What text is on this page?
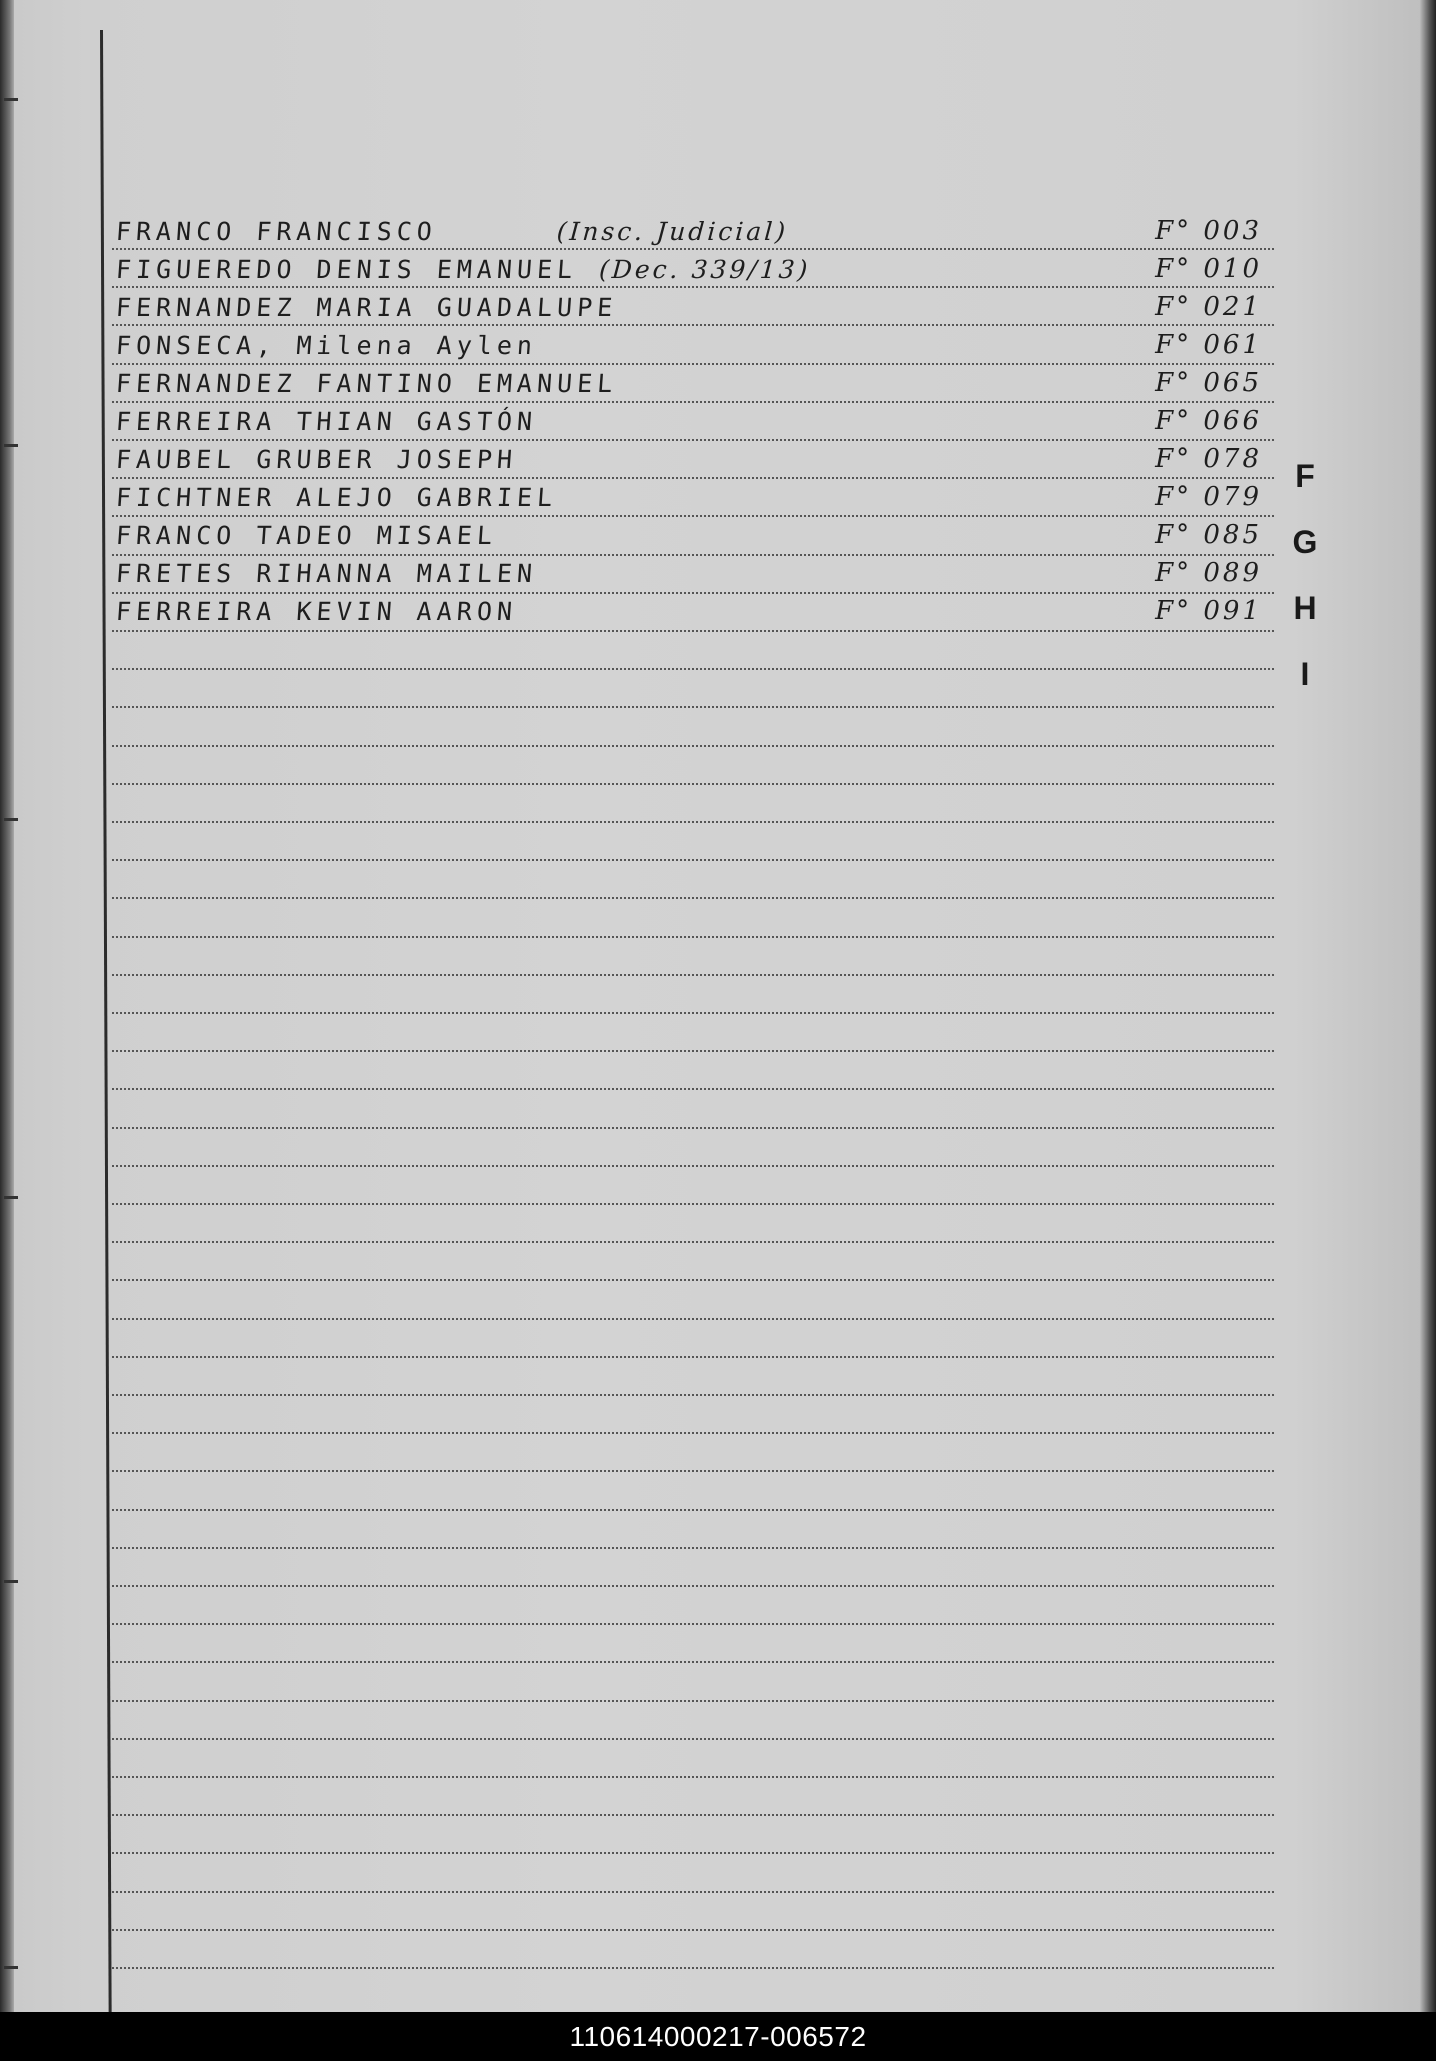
FRANCO FRANCISCO	(Insc. Judicial)	F° 003
FIGUEREDO DENIS EMANUEL (Dec. 339/13)	F° 010
FERNANDEZ MARIA GUADALUPE	F° 021
FONSECA, Milena Aylen	F° 061
FERNANDEZ FANTINO EMANUEL	F° 065
FERREIRA THIAN GASTÓN	F° 066
FAUBEL GRUBER JOSEPH	F° 078
FICHTNER ALEJO GABRIEL	F° 079
FRANCO TADEO MISAEL	F° 085
FRETES RIHANNA MAILEN	F° 089
FERREIRA KEVIN AARON	F° 091
F
G
H
I
110614000217-006572
